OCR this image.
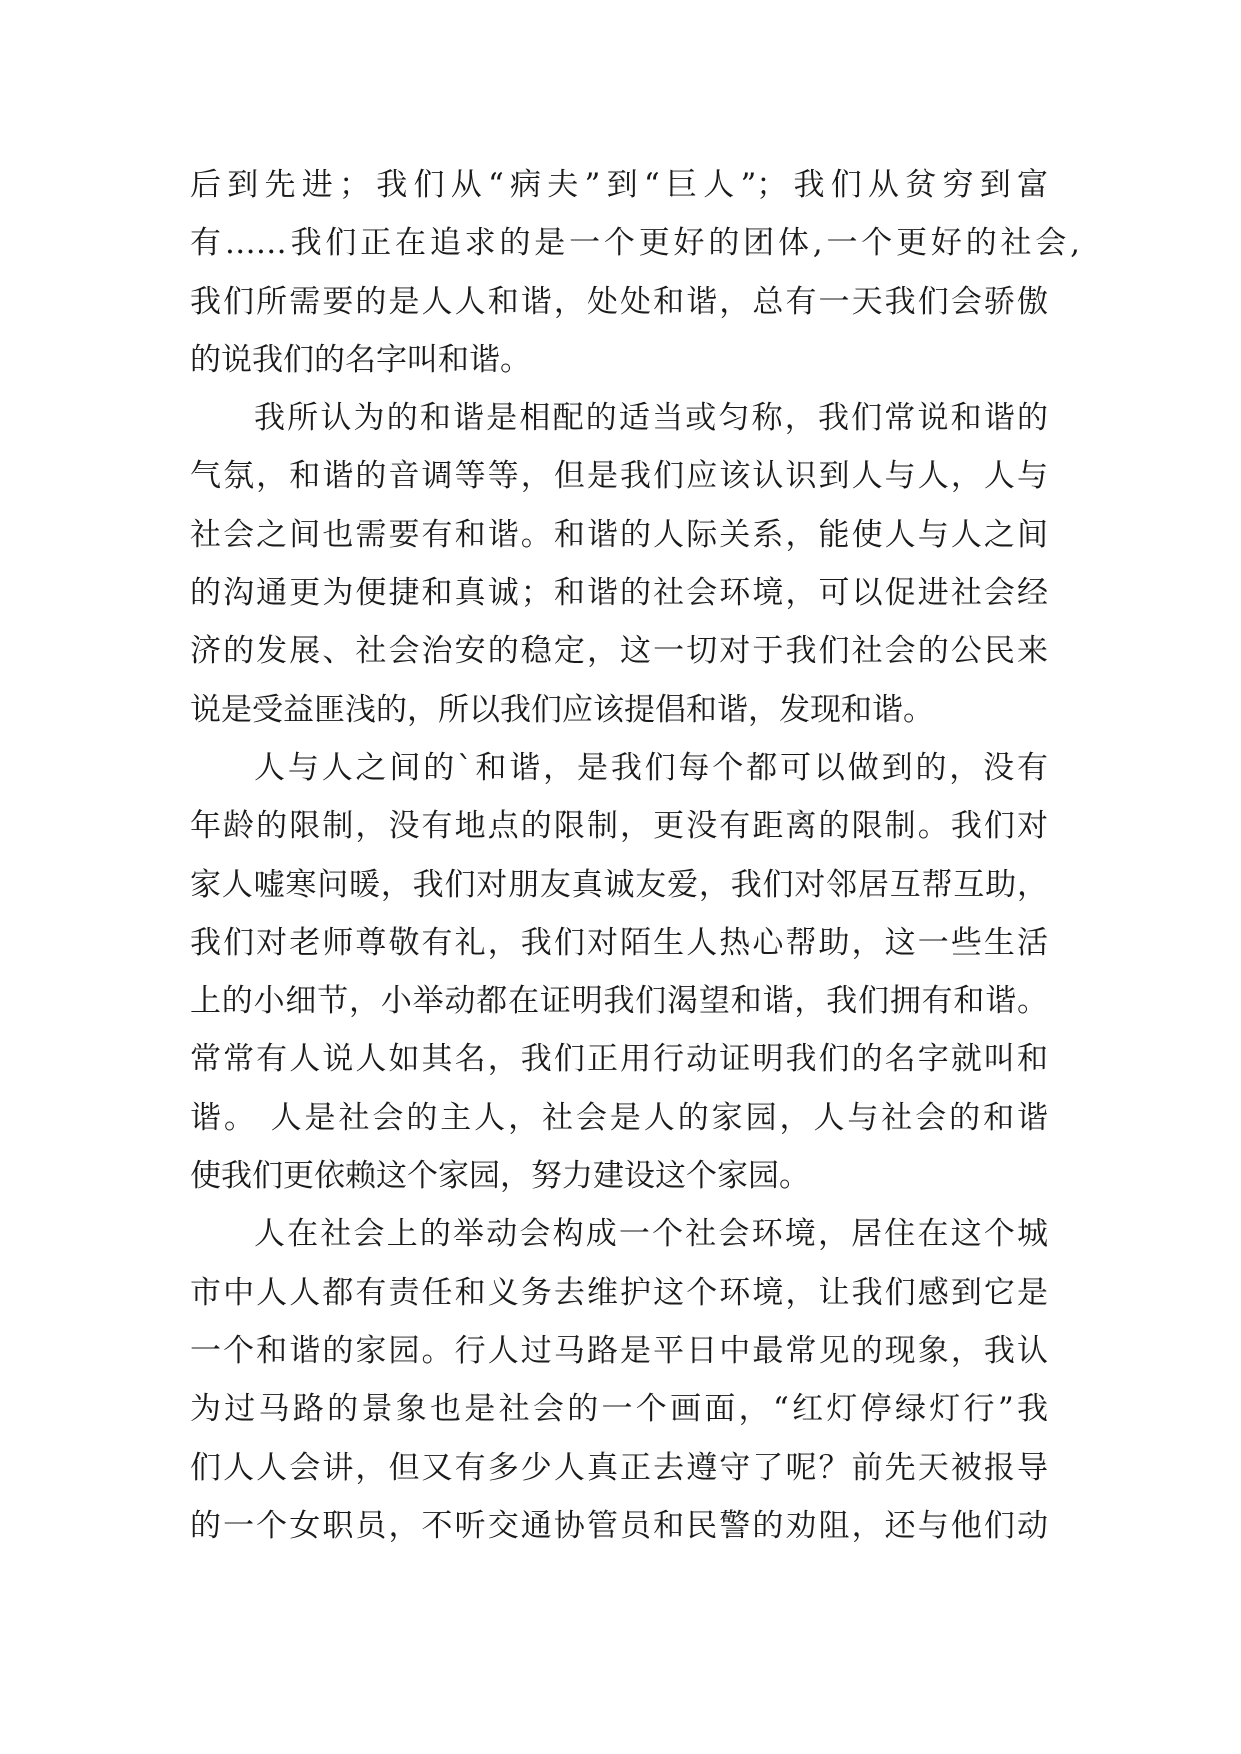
后到先进；我们从“病夫”到“巨人”；我们从贫穷到富
有……我们正在追求的是一个更好的团体,一个更好的社会,
我们所需要的是人人和谐，处处和谐，总有一天我们会骄傲
的说我们的名字叫和谐。
我所认为的和谐是相配的适当或匀称，我们常说和谐的
气氛，和谐的音调等等，但是我们应该认识到人与人，人与
社会之间也需要有和谐。和谐的人际关系，能使人与人之间
的沟通更为便捷和真诚；和谐的社会环境，可以促进社会经
济的发展、社会治安的稳定，这一切对于我们社会的公民来
说是受益匪浅的，所以我们应该提倡和谐，发现和谐。
人与人之间的`和谐，是我们每个都可以做到的，没有
年龄的限制，没有地点的限制，更没有距离的限制。我们对
家人嘘寒问暖，我们对朋友真诚友爱，我们对邻居互帮互助，
我们对老师尊敬有礼，我们对陌生人热心帮助，这一些生活
上的小细节，小举动都在证明我们渴望和谐，我们拥有和谐。
常常有人说人如其名，我们正用行动证明我们的名字就叫和
谐。 人是社会的主人，社会是人的家园，人与社会的和谐
使我们更依赖这个家园，努力建设这个家园。
人在社会上的举动会构成一个社会环境，居住在这个城
市中人人都有责任和义务去维护这个环境，让我们感到它是
一个和谐的家园。行人过马路是平日中最常见的现象，我认
为过马路的景象也是社会的一个画面，“红灯停绿灯行”我
们人人会讲，但又有多少人真正去遵守了呢？前先天被报导
的一个女职员，不听交通协管员和民警的劝阻，还与他们动
